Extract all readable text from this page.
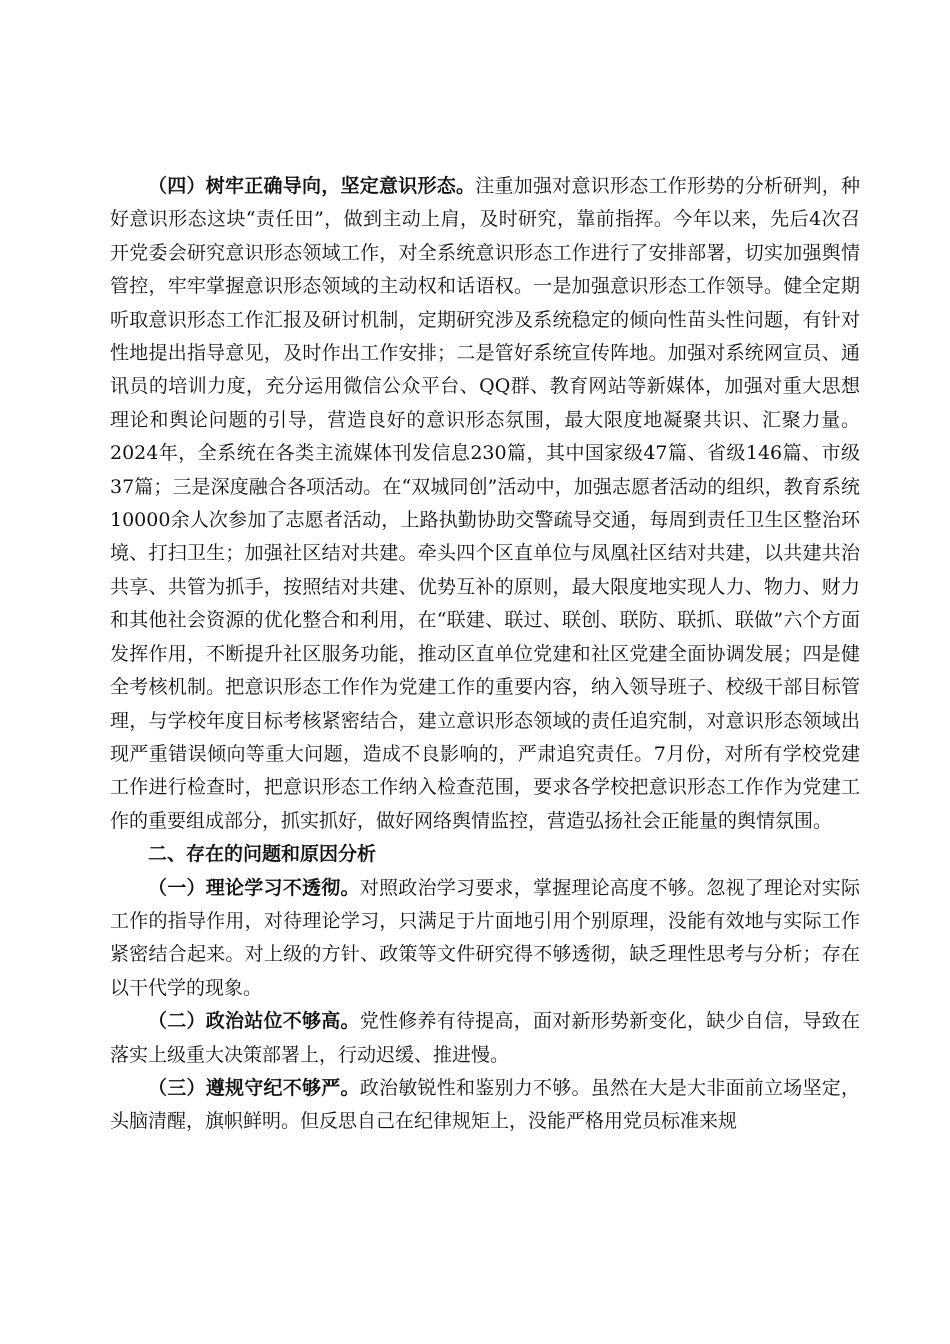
（四）树牢正确导向，坚定意识形态。注重加强对意识形态工作形势的分析研判，种好意识形态这块“责任田”，做到主动上肩，及时研究，靠前指挥。今年以来，先后4次召开党委会研究意识形态领域工作，对全系统意识形态工作进行了安排部署，切实加强舆情管控，牢牢掌握意识形态领域的主动权和话语权。一是加强意识形态工作领导。健全定期听取意识形态工作汇报及研讨机制，定期研究涉及系统稳定的倾向性苗头性问题，有针对性地提出指导意见，及时作出工作安排；二是管好系统宣传阵地。加强对系统网宣员、通讯员的培训力度，充分运用微信公众平台、QQ群、教育网站等新媒体，加强对重大思想理论和舆论问题的引导，营造良好的意识形态氛围，最大限度地凝聚共识、汇聚力量。2024年，全系统在各类主流媒体刊发信息230篇，其中国家级47篇、省级146篇、市级37篇；三是深度融合各项活动。在“双城同创”活动中，加强志愿者活动的组织，教育系统10000余人次参加了志愿者活动，上路执勤协助交警疏导交通，每周到责任卫生区整治环境、打扫卫生；加强社区结对共建。牵头四个区直单位与凤凰社区结对共建，以共建共治共享、共管为抓手，按照结对共建、优势互补的原则，最大限度地实现人力、物力、财力和其他社会资源的优化整合和利用，在“联建、联过、联创、联防、联抓、联做”六个方面发挥作用，不断提升社区服务功能，推动区直单位党建和社区党建全面协调发展；四是健全考核机制。把意识形态工作作为党建工作的重要内容，纳入领导班子、校级干部目标管理，与学校年度目标考核紧密结合，建立意识形态领域的责任追究制，对意识形态领域出现严重错误倾向等重大问题，造成不良影响的，严肃追究责任。7月份，对所有学校党建工作进行检查时，把意识形态工作纳入检查范围，要求各学校把意识形态工作作为党建工作的重要组成部分，抓实抓好，做好网络舆情监控，营造弘扬社会正能量的舆情氛围。

二、存在的问题和原因分析

（一）理论学习不透彻。对照政治学习要求，掌握理论高度不够。忽视了理论对实际工作的指导作用，对待理论学习，只满足于片面地引用个别原理，没能有效地与实际工作紧密结合起来。对上级的方针、政策等文件研究得不够透彻，缺乏理性思考与分析；存在以干代学的现象。

（二）政治站位不够高。党性修养有待提高，面对新形势新变化，缺少自信，导致在落实上级重大决策部署上，行动迟缓、推进慢。

（三）遵规守纪不够严。政治敏锐性和鉴别力不够。虽然在大是大非面前立场坚定，头脑清醒，旗帜鲜明。但反思自己在纪律规矩上，没能严格用党员标准来规
